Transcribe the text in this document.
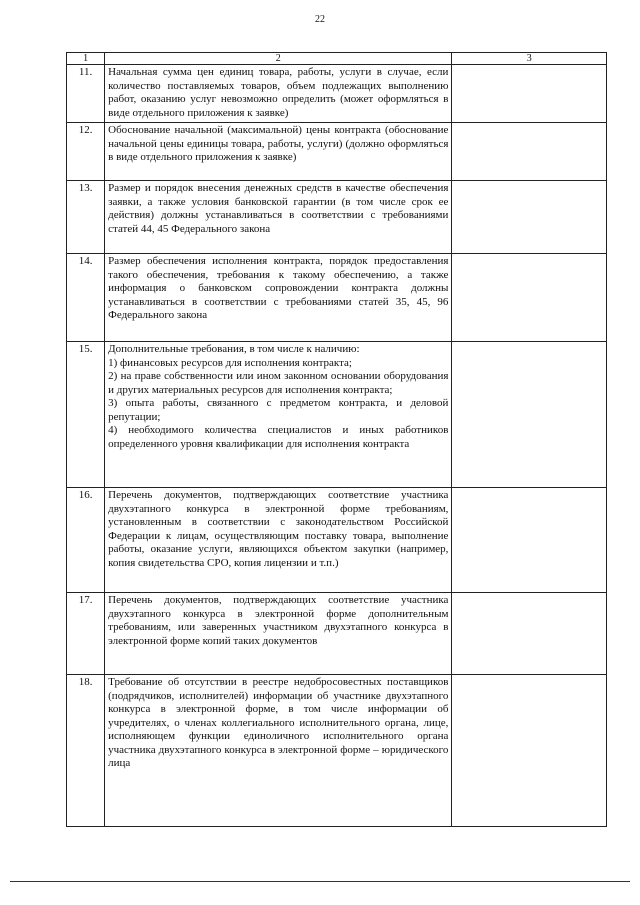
22
1	2	3
11.	Начальная сумма цен единиц товара, работы, услуги в случае, если количество поставляемых товаров, объем подлежащих выполнению работ, оказанию услуг невозможно определить (может оформляться в виде отдельного приложения к заявке)	
12.	Обоснование начальной (максимальной) цены контракта (обоснование начальной цены единицы товара, работы, услуги) (должно оформляться в виде отдельного приложения к заявке)	
13.	Размер и порядок внесения денежных средств в качестве обеспечения заявки, а также условия банковской гарантии (в том числе срок ее действия) должны устанавливаться в соответствии с требованиями статей 44, 45 Федерального закона	
14.	Размер обеспечения исполнения контракта, порядок предоставления такого обеспечения, требования к такому обеспечению, а также информация о банковском сопровождении контракта должны устанавливаться в соответствии с требованиями статей 35, 45, 96 Федерального закона	
15.	Дополнительные требования, в том числе к наличию:
1) финансовых ресурсов для исполнения контракта;
2) на праве собственности или ином законном основании оборудования и других материальных ресурсов для исполнения контракта;
3) опыта работы, связанного с предметом контракта, и деловой репутации;
4) необходимого количества специалистов и иных работников определенного уровня квалификации для исполнения контракта	

16.	Перечень документов, подтверждающих соответствие участника двухэтапного конкурса в электронной форме требованиям, установленным в соответствии с законодательством Российской Федерации к лицам, осуществляющим поставку товара, выполнение работы, оказание услуги, являющихся объектом закупки (например, копия свидетельства СРО, копия лицензии и т.п.)	
17.	Перечень документов, подтверждающих соответствие участника двухэтапного конкурса в электронной форме дополнительным требованиям, или заверенных участником двухэтапного конкурса в электронной форме копий таких документов	
18.	Требование об отсутствии в реестре недобросовестных поставщиков (подрядчиков, исполнителей) информации об участнике двухэтапного конкурса в электронной форме, в том числе информации об учредителях, о членах коллегиального исполнительного органа, лице, исполняющем функции единоличного исполнительного органа участника двухэтапного конкурса в электронной форме – юридического лица	
